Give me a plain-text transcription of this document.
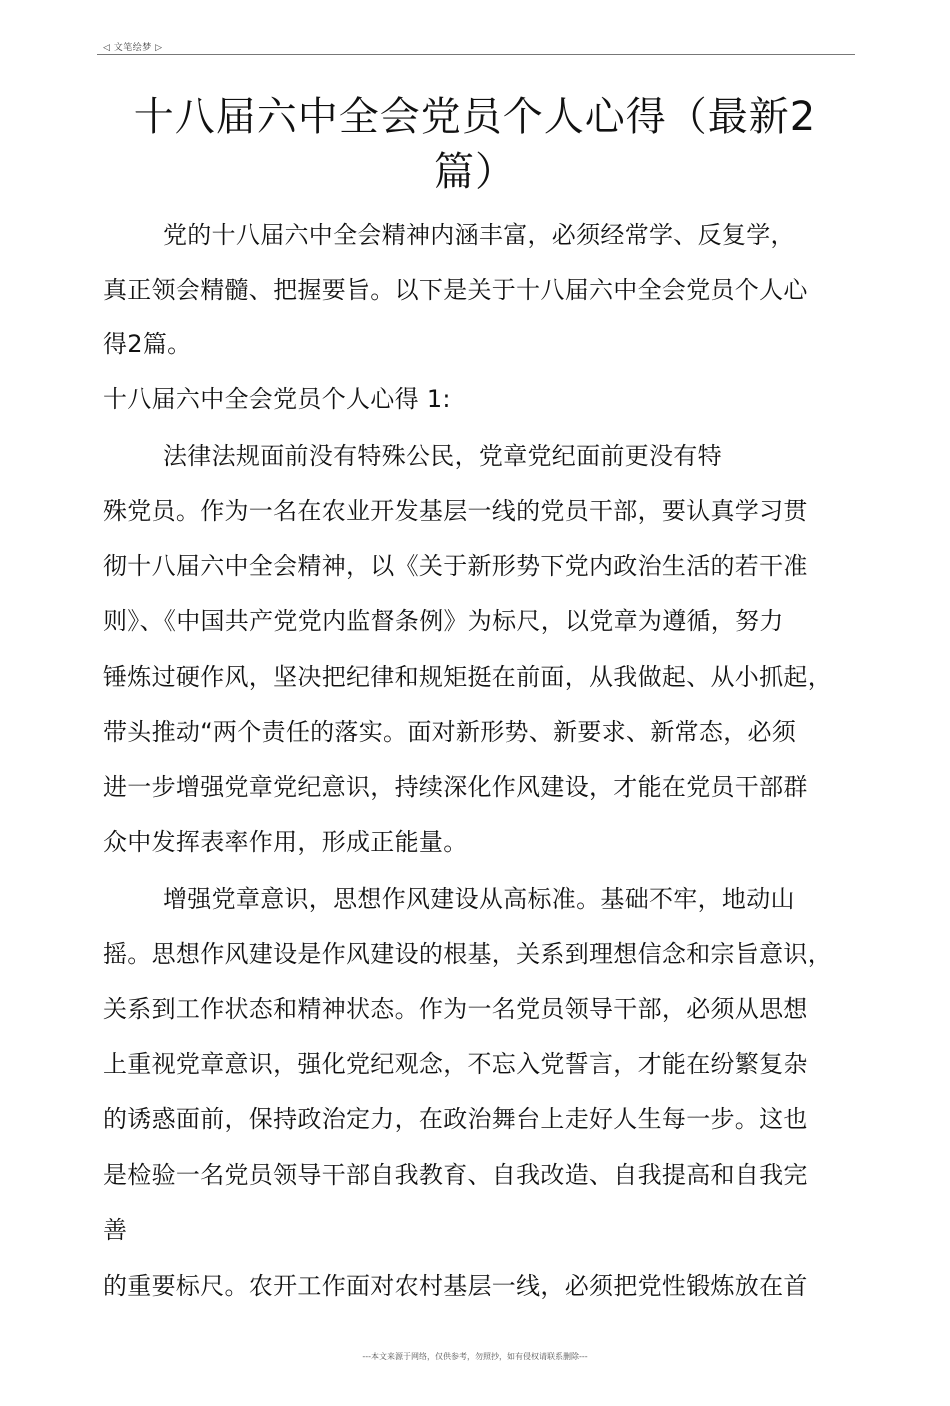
◁ 文笔绘梦 ▷
十八届六中全会党员个人心得（最新2
篇）
党的十八届六中全会精神内涵丰富，必须经常学、反复学，
真正领会精髓、把握要旨。以下是关于十八届六中全会党员个人心
得2篇。
十八届六中全会党员个人心得 1:
法律法规面前没有特殊公民，党章党纪面前更没有特
殊党员。作为一名在农业开发基层一线的党员干部，要认真学习贯
彻十八届六中全会精神，以《关于新形势下党内政治生活的若干准
则》、《中国共产党党内监督条例》为标尺，以党章为遵循，努力
锤炼过硬作风，坚决把纪律和规矩挺在前面，从我做起、从小抓起，
带头推动“两个责任的落实。面对新形势、新要求、新常态，必须
进一步增强党章党纪意识，持续深化作风建设，才能在党员干部群
众中发挥表率作用，形成正能量。
增强党章意识，思想作风建设从高标准。基础不牢，地动山
摇。思想作风建设是作风建设的根基，关系到理想信念和宗旨意识，
关系到工作状态和精神状态。作为一名党员领导干部，必须从思想
上重视党章意识，强化党纪观念，不忘入党誓言，才能在纷繁复杂
的诱惑面前，保持政治定力，在政治舞台上走好人生每一步。这也
是检验一名党员领导干部自我教育、自我改造、自我提高和自我完
善
的重要标尺。农开工作面对农村基层一线，必须把党性锻炼放在首
---本文来源于网络，仅供参考，勿照抄，如有侵权请联系删除---
